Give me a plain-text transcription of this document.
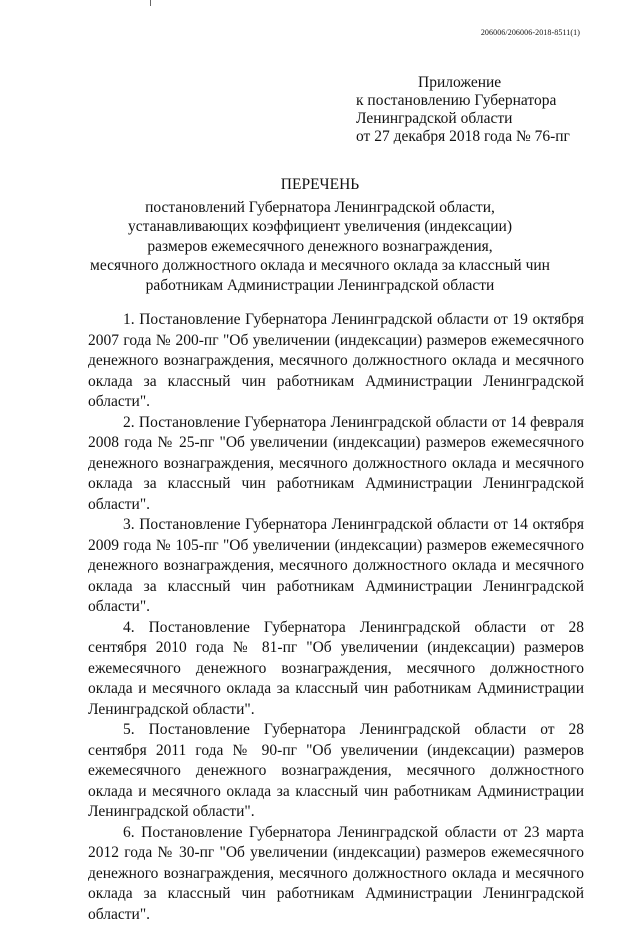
206006/206006-2018-8511(1)
Приложение
к постановлению Губернатора
Ленинградской области
от 27 декабря 2018 года № 76-пг
ПЕРЕЧЕНЬ
постановлений Губернатора Ленинградской области,
устанавливающих коэффициент увеличения (индексации)
размеров ежемесячного денежного вознаграждения,
месячного должностного оклада и месячного оклада за классный чин
работникам Администрации Ленинградской области

1. Постановление Губернатора Ленинградской области от 19 октября 2007 года № 200-пг "Об увеличении (индексации) размеров ежемесячного денежного вознаграждения, месячного должностного оклада и месячного оклада за классный чин работникам Администрации Ленинградской области".

2. Постановление Губернатора Ленинградской области от 14 февраля 2008 года № 25-пг "Об увеличении (индексации) размеров ежемесячного денежного вознаграждения, месячного должностного оклада и месячного оклада за классный чин работникам Администрации Ленинградской области".

3. Постановление Губернатора Ленинградской области от 14 октября 2009 года № 105-пг "Об увеличении (индексации) размеров ежемесячного денежного вознаграждения, месячного должностного оклада и месячного оклада за классный чин работникам Администрации Ленинградской области".

4. Постановление Губернатора Ленинградской области от 28 сентября 2010 года № 81-пг "Об увеличении (индексации) размеров ежемесячного денежного вознаграждения, месячного должностного оклада и месячного оклада за классный чин работникам Администрации Ленинградской области".

5. Постановление Губернатора Ленинградской области от 28 сентября 2011 года № 90-пг "Об увеличении (индексации) размеров ежемесячного денежного вознаграждения, месячного должностного оклада и месячного оклада за классный чин работникам Администрации Ленинградской области".

6. Постановление Губернатора Ленинградской области от 23 марта 2012 года № 30-пг "Об увеличении (индексации) размеров ежемесячного денежного вознаграждения, месячного должностного оклада и месячного оклада за классный чин работникам Администрации Ленинградской области".
